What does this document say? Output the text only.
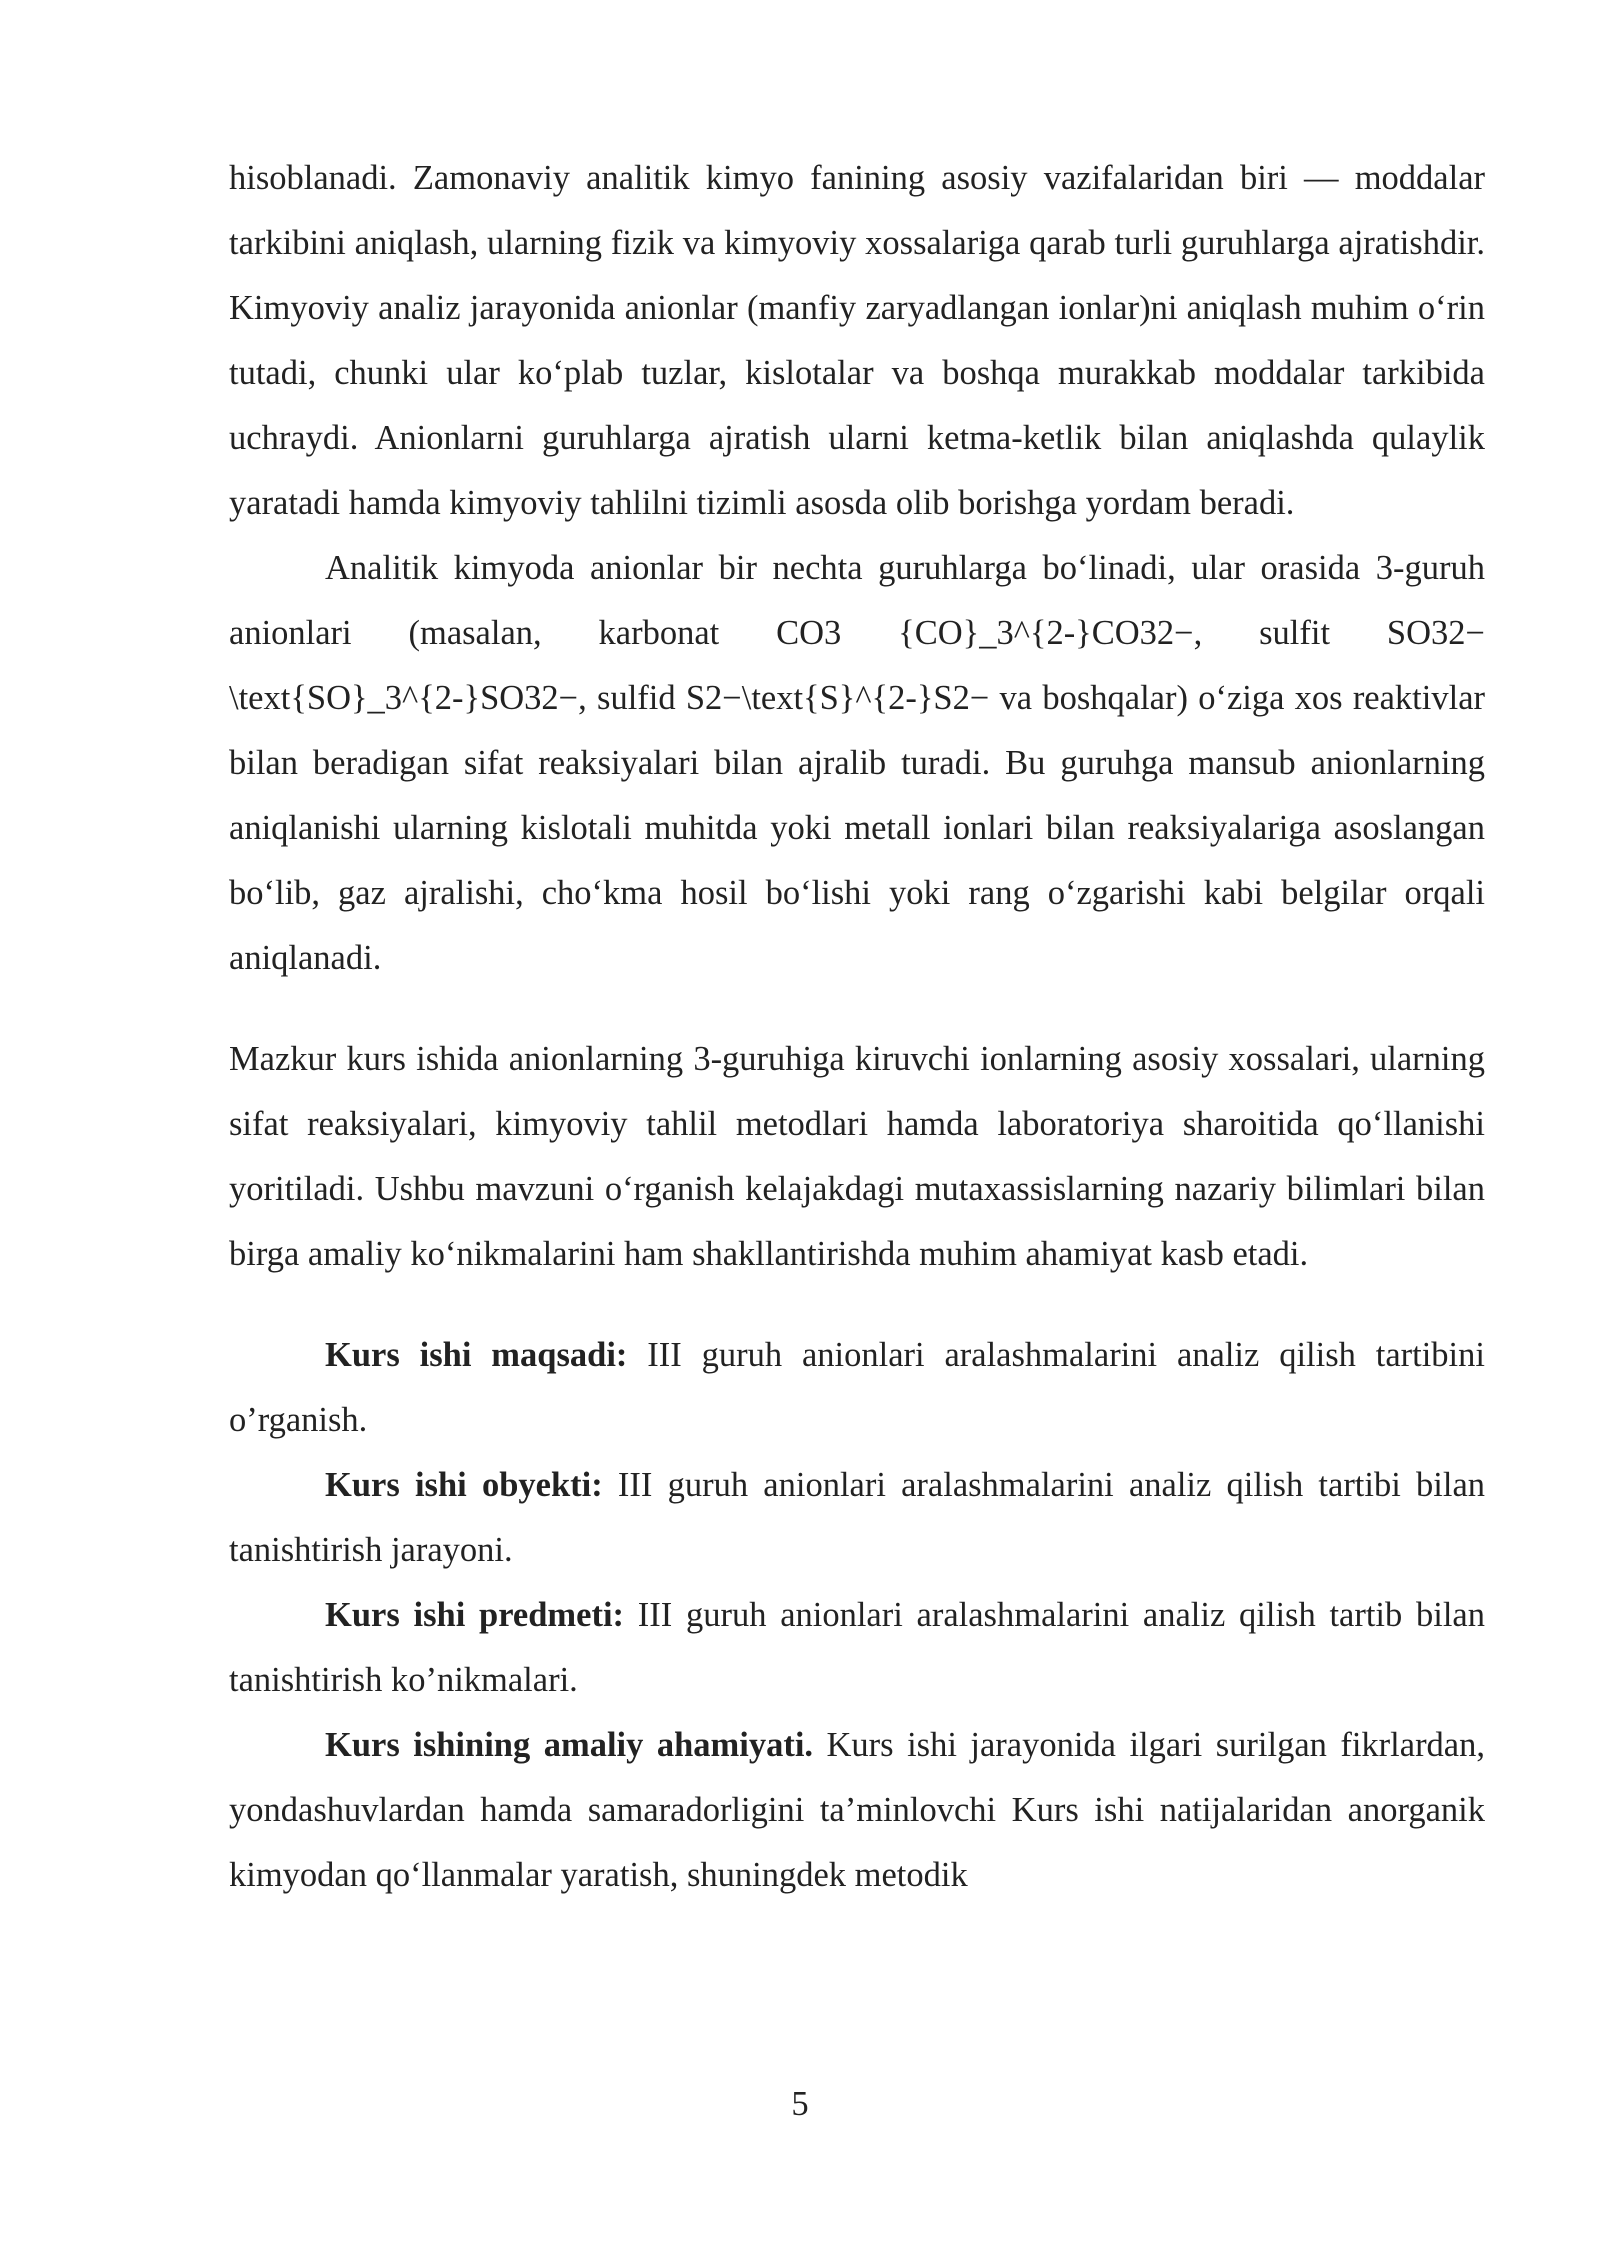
hisoblanadi. Zamonaviy analitik kimyo fanining asosiy vazifalaridan biri — moddalar tarkibini aniqlash, ularning fizik va kimyoviy xossalariga qarab turli guruhlarga ajratishdir. Kimyoviy analiz jarayonida anionlar (manfiy zaryadlangan ionlar)ni aniqlash muhim o‘rin tutadi, chunki ular ko‘plab tuzlar, kislotalar va boshqa murakkab moddalar tarkibida uchraydi. Anionlarni guruhlarga ajratish ularni ketma-ketlik bilan aniqlashda qulaylik yaratadi hamda kimyoviy tahlilni tizimli asosda olib borishga yordam beradi.

Analitik kimyoda anionlar bir nechta guruhlarga bo‘linadi, ular orasida 3-guruh anionlari (masalan, karbonat CO3 {CO}_3^{2-}CO32−, sulfit SO32− \text{SO}_3^{2-}SO32−, sulfid S2−\text{S}^{2-}S2− va boshqalar) o‘ziga xos reaktivlar bilan beradigan sifat reaksiyalari bilan ajralib turadi. Bu guruhga mansub anionlarning aniqlanishi ularning kislotali muhitda yoki metall ionlari bilan reaksiyalariga asoslangan bo‘lib, gaz ajralishi, cho‘kma hosil bo‘lishi yoki rang o‘zgarishi kabi belgilar orqali aniqlanadi.

Mazkur kurs ishida anionlarning 3-guruhiga kiruvchi ionlarning asosiy xossalari, ularning sifat reaksiyalari, kimyoviy tahlil metodlari hamda laboratoriya sharoitida qo‘llanishi yoritiladi. Ushbu mavzuni o‘rganish kelajakdagi mutaxassislarning nazariy bilimlari bilan birga amaliy ko‘nikmalarini ham shakllantirishda muhim ahamiyat kasb etadi.

Kurs ishi maqsadi: III guruh anionlari aralashmalarini analiz qilish tartibini o’rganish.

Kurs ishi obyekti: III guruh anionlari aralashmalarini analiz qilish tartibi bilan tanishtirish jarayoni.

Kurs ishi predmeti: III guruh anionlari aralashmalarini analiz qilish tartib bilan tanishtirish ko’nikmalari.

Kurs ishining amaliy ahamiyati. Kurs ishi jarayonida ilgari surilgan fikrlardan, yondashuvlardan hamda samaradorligini ta’minlovchi Kurs ishi natijalaridan anorganik kimyodan qo‘llanmalar yaratish, shuningdek metodik

5
